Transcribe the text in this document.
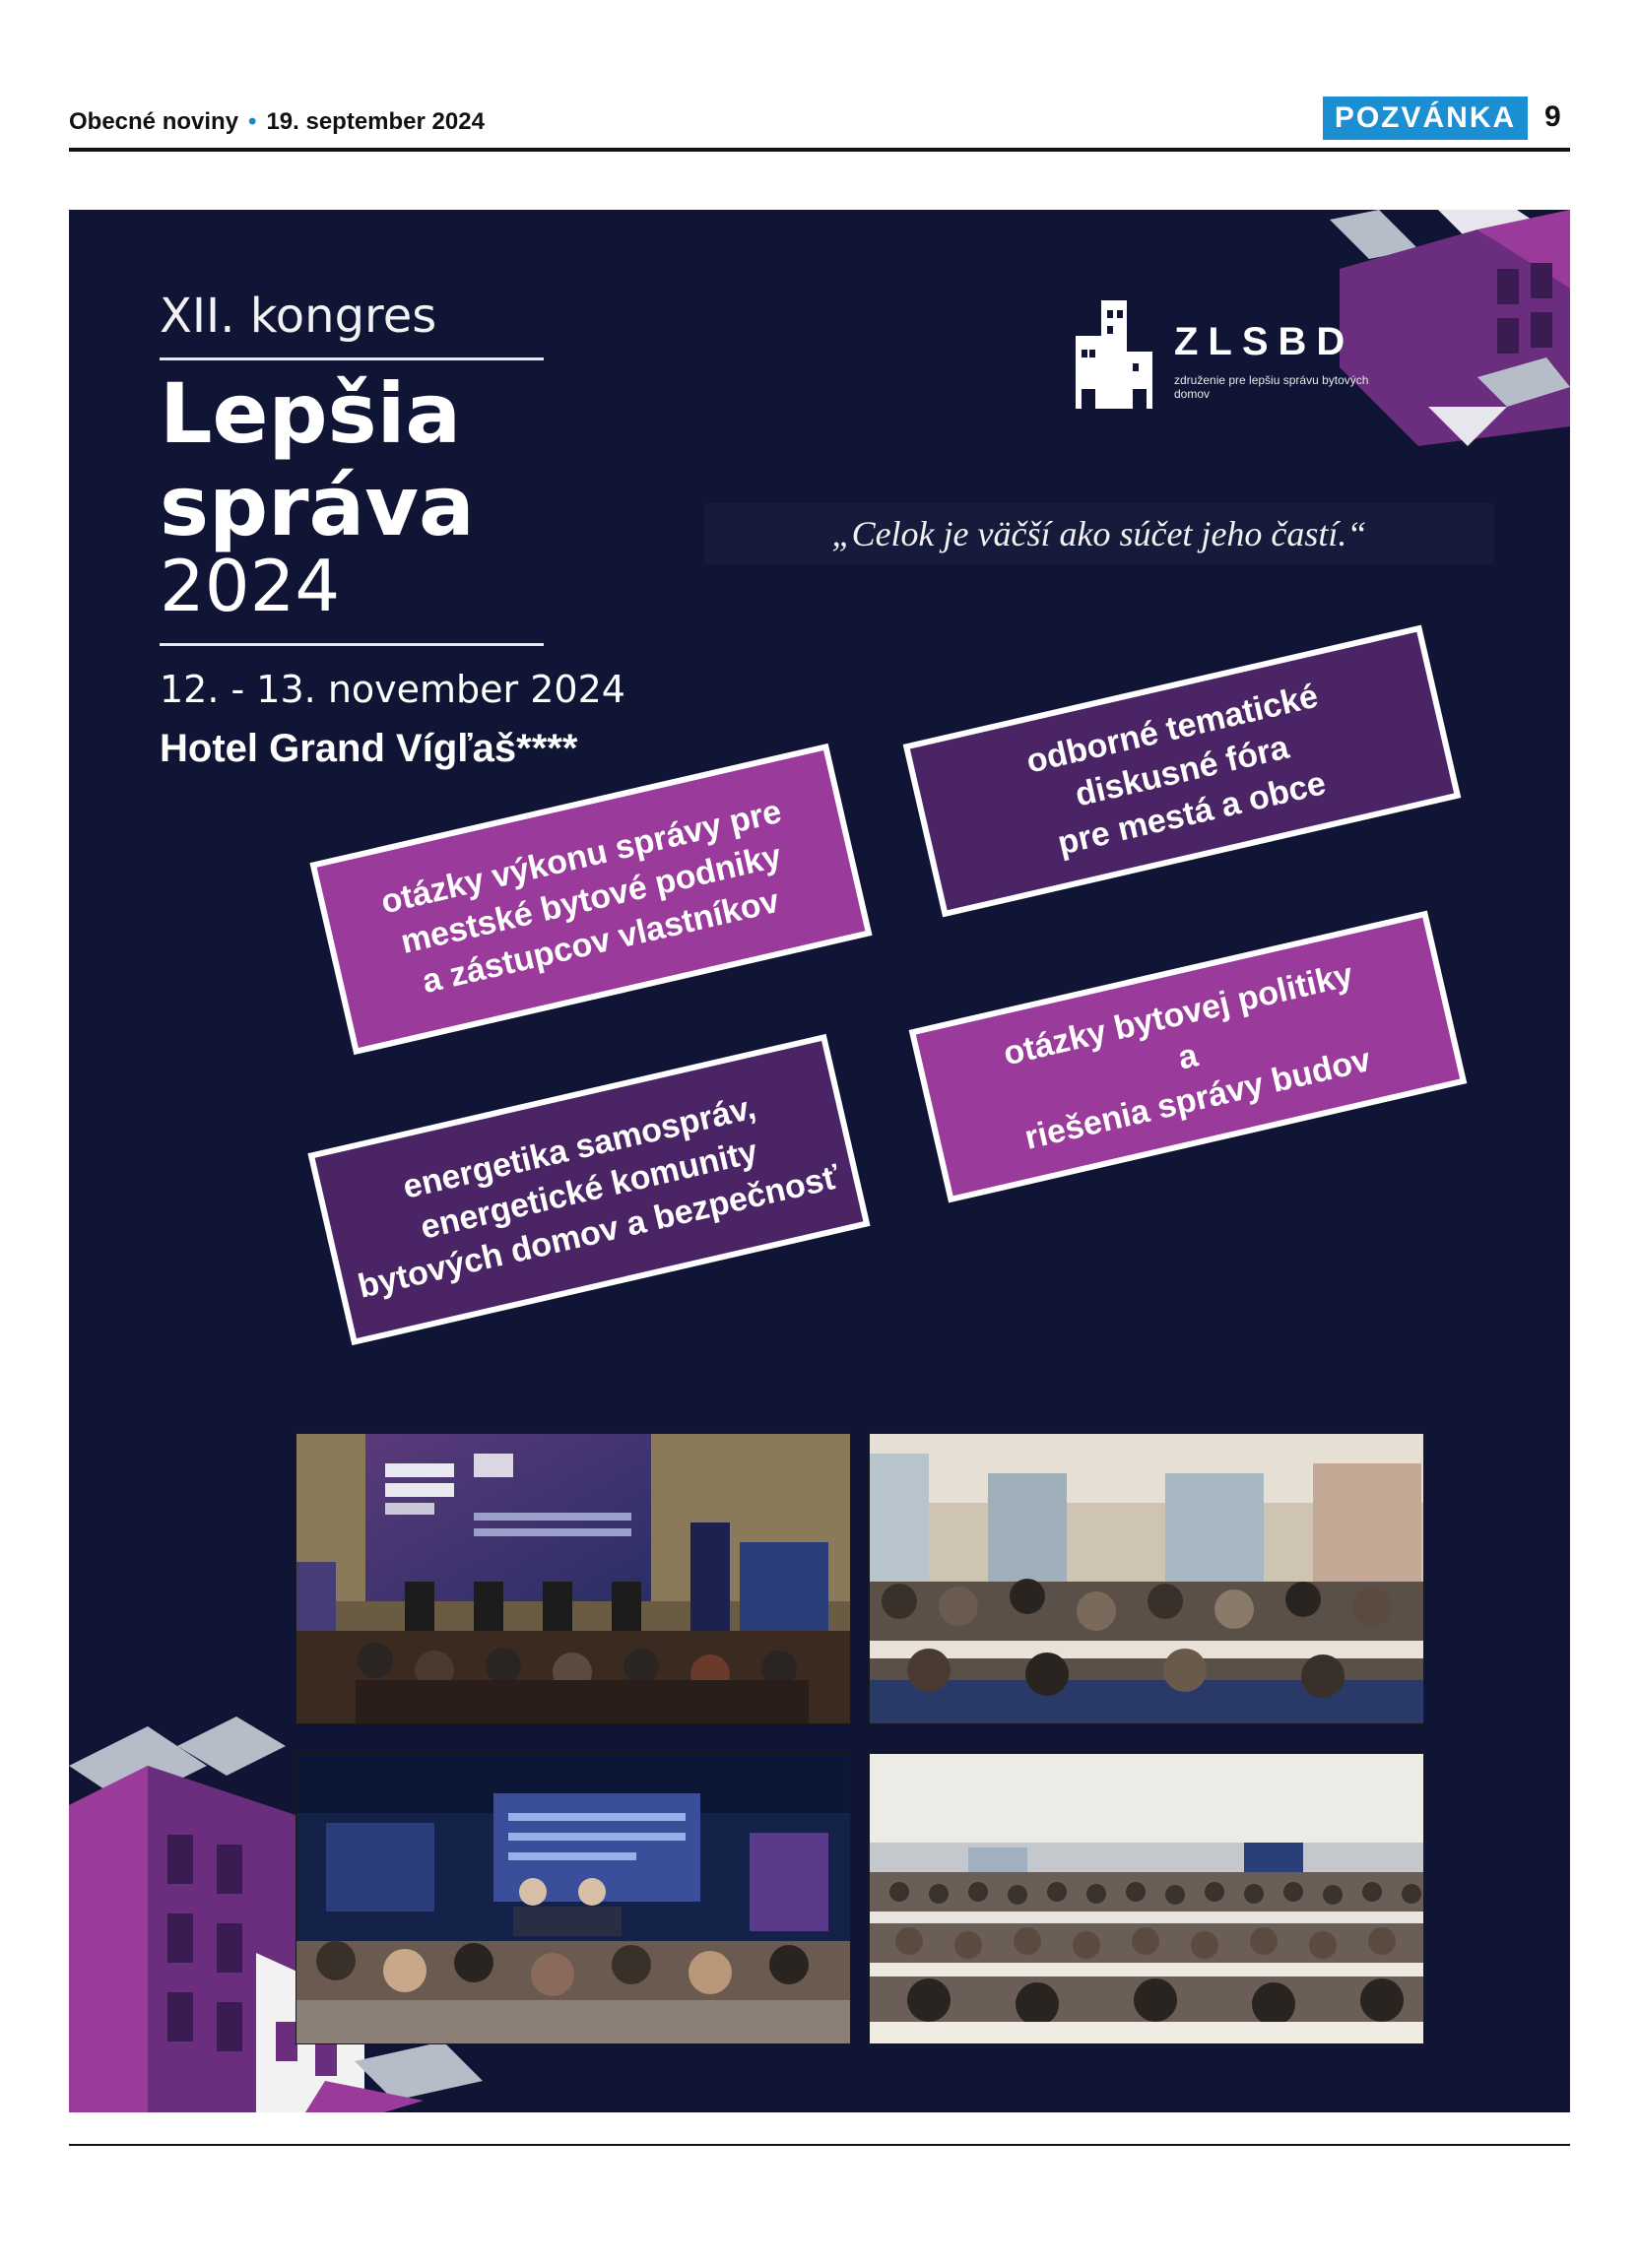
Obecné noviny • 19. september 2024	POZVÁNKA 9
XII. kongres
Lepšia
správa
2024
12. - 13. november 2024
Hotel Grand Vígľaš****
ZLSBD
združenie pre lepšiu správu bytových domov
„Celok je väčší ako súčet jeho častí.“
otázky výkonu správy pre
mestské bytové podniky
a zástupcov vlastníkov
odborné tematické
diskusné fóra
pre mestá a obce
energetika samospráv,
energetické komunity
bytových domov a bezpečnosť
otázky bytovej politiky
a
riešenia správy budov
